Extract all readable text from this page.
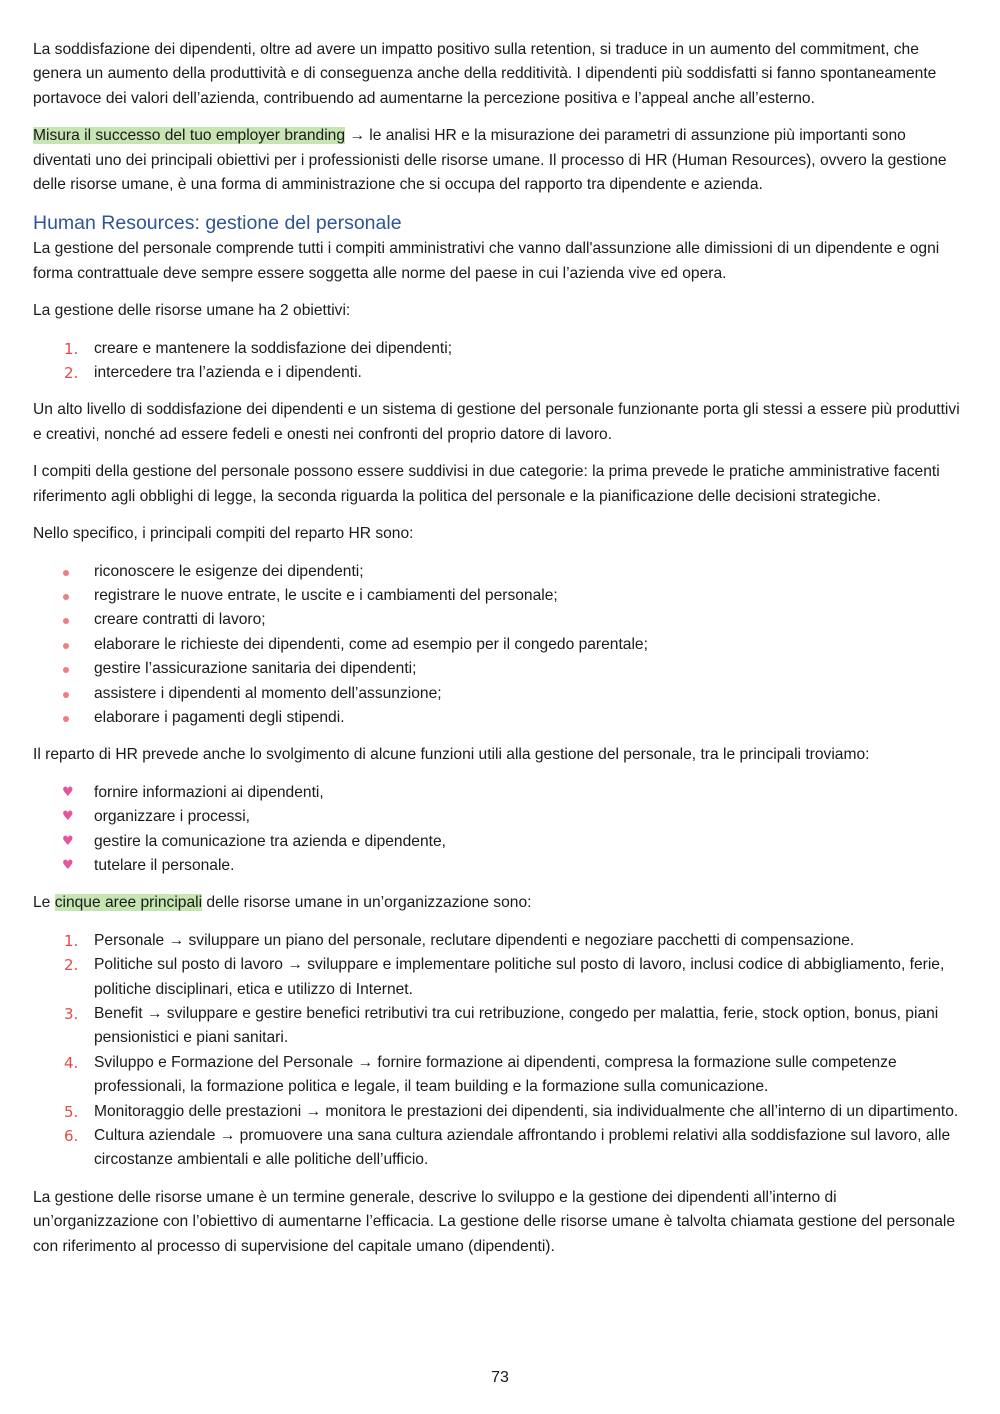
La soddisfazione dei dipendenti, oltre ad avere un impatto positivo sulla retention, si traduce in un aumento del commitment, che genera un aumento della produttività e di conseguenza anche della redditività. I dipendenti più soddisfatti si fanno spontaneamente portavoce dei valori dell’azienda, contribuendo ad aumentarne la percezione positiva e l’appeal anche all’esterno.

Misura il successo del tuo employer branding → le analisi HR e la misurazione dei parametri di assunzione più importanti sono diventati uno dei principali obiettivi per i professionisti delle risorse umane. Il processo di HR (Human Resources), ovvero la gestione delle risorse umane, è una forma di amministrazione che si occupa del rapporto tra dipendente e azienda.

Human Resources: gestione del personale

La gestione del personale comprende tutti i compiti amministrativi che vanno dall'assunzione alle dimissioni di un dipendente e ogni forma contrattuale deve sempre essere soggetta alle norme del paese in cui l’azienda vive ed opera.

La gestione delle risorse umane ha 2 obiettivi:

1. creare e mantenere la soddisfazione dei dipendenti;
2. intercedere tra l’azienda e i dipendenti.

Un alto livello di soddisfazione dei dipendenti e un sistema di gestione del personale funzionante porta gli stessi a essere più produttivi e creativi, nonché ad essere fedeli e onesti nei confronti del proprio datore di lavoro.

I compiti della gestione del personale possono essere suddivisi in due categorie: la prima prevede le pratiche amministrative facenti riferimento agli obblighi di legge, la seconda riguarda la politica del personale e la pianificazione delle decisioni strategiche.

Nello specifico, i principali compiti del reparto HR sono:

riconoscere le esigenze dei dipendenti;
registrare le nuove entrate, le uscite e i cambiamenti del personale;
creare contratti di lavoro;
elaborare le richieste dei dipendenti, come ad esempio per il congedo parentale;
gestire l’assicurazione sanitaria dei dipendenti;
assistere i dipendenti al momento dell’assunzione;
elaborare i pagamenti degli stipendi.

Il reparto di HR prevede anche lo svolgimento di alcune funzioni utili alla gestione del personale, tra le principali troviamo:

♥ fornire informazioni ai dipendenti,
♥ organizzare i processi,
♥ gestire la comunicazione tra azienda e dipendente,
♥ tutelare il personale.

Le cinque aree principali delle risorse umane in un’organizzazione sono:

1. Personale → sviluppare un piano del personale, reclutare dipendenti e negoziare pacchetti di compensazione.
2. Politiche sul posto di lavoro → sviluppare e implementare politiche sul posto di lavoro, inclusi codice di abbigliamento, ferie, politiche disciplinari, etica e utilizzo di Internet.
3. Benefit → sviluppare e gestire benefici retributivi tra cui retribuzione, congedo per malattia, ferie, stock option, bonus, piani pensionistici e piani sanitari.
4. Sviluppo e Formazione del Personale → fornire formazione ai dipendenti, compresa la formazione sulle competenze professionali, la formazione politica e legale, il team building e la formazione sulla comunicazione.
5. Monitoraggio delle prestazioni → monitora le prestazioni dei dipendenti, sia individualmente che all’interno di un dipartimento.
6. Cultura aziendale → promuovere una sana cultura aziendale affrontando i problemi relativi alla soddisfazione sul lavoro, alle circostanze ambientali e alle politiche dell’ufficio.

La gestione delle risorse umane è un termine generale, descrive lo sviluppo e la gestione dei dipendenti all’interno di un’organizzazione con l’obiettivo di aumentarne l’efficacia. La gestione delle risorse umane è talvolta chiamata gestione del personale con riferimento al processo di supervisione del capitale umano (dipendenti).

73
